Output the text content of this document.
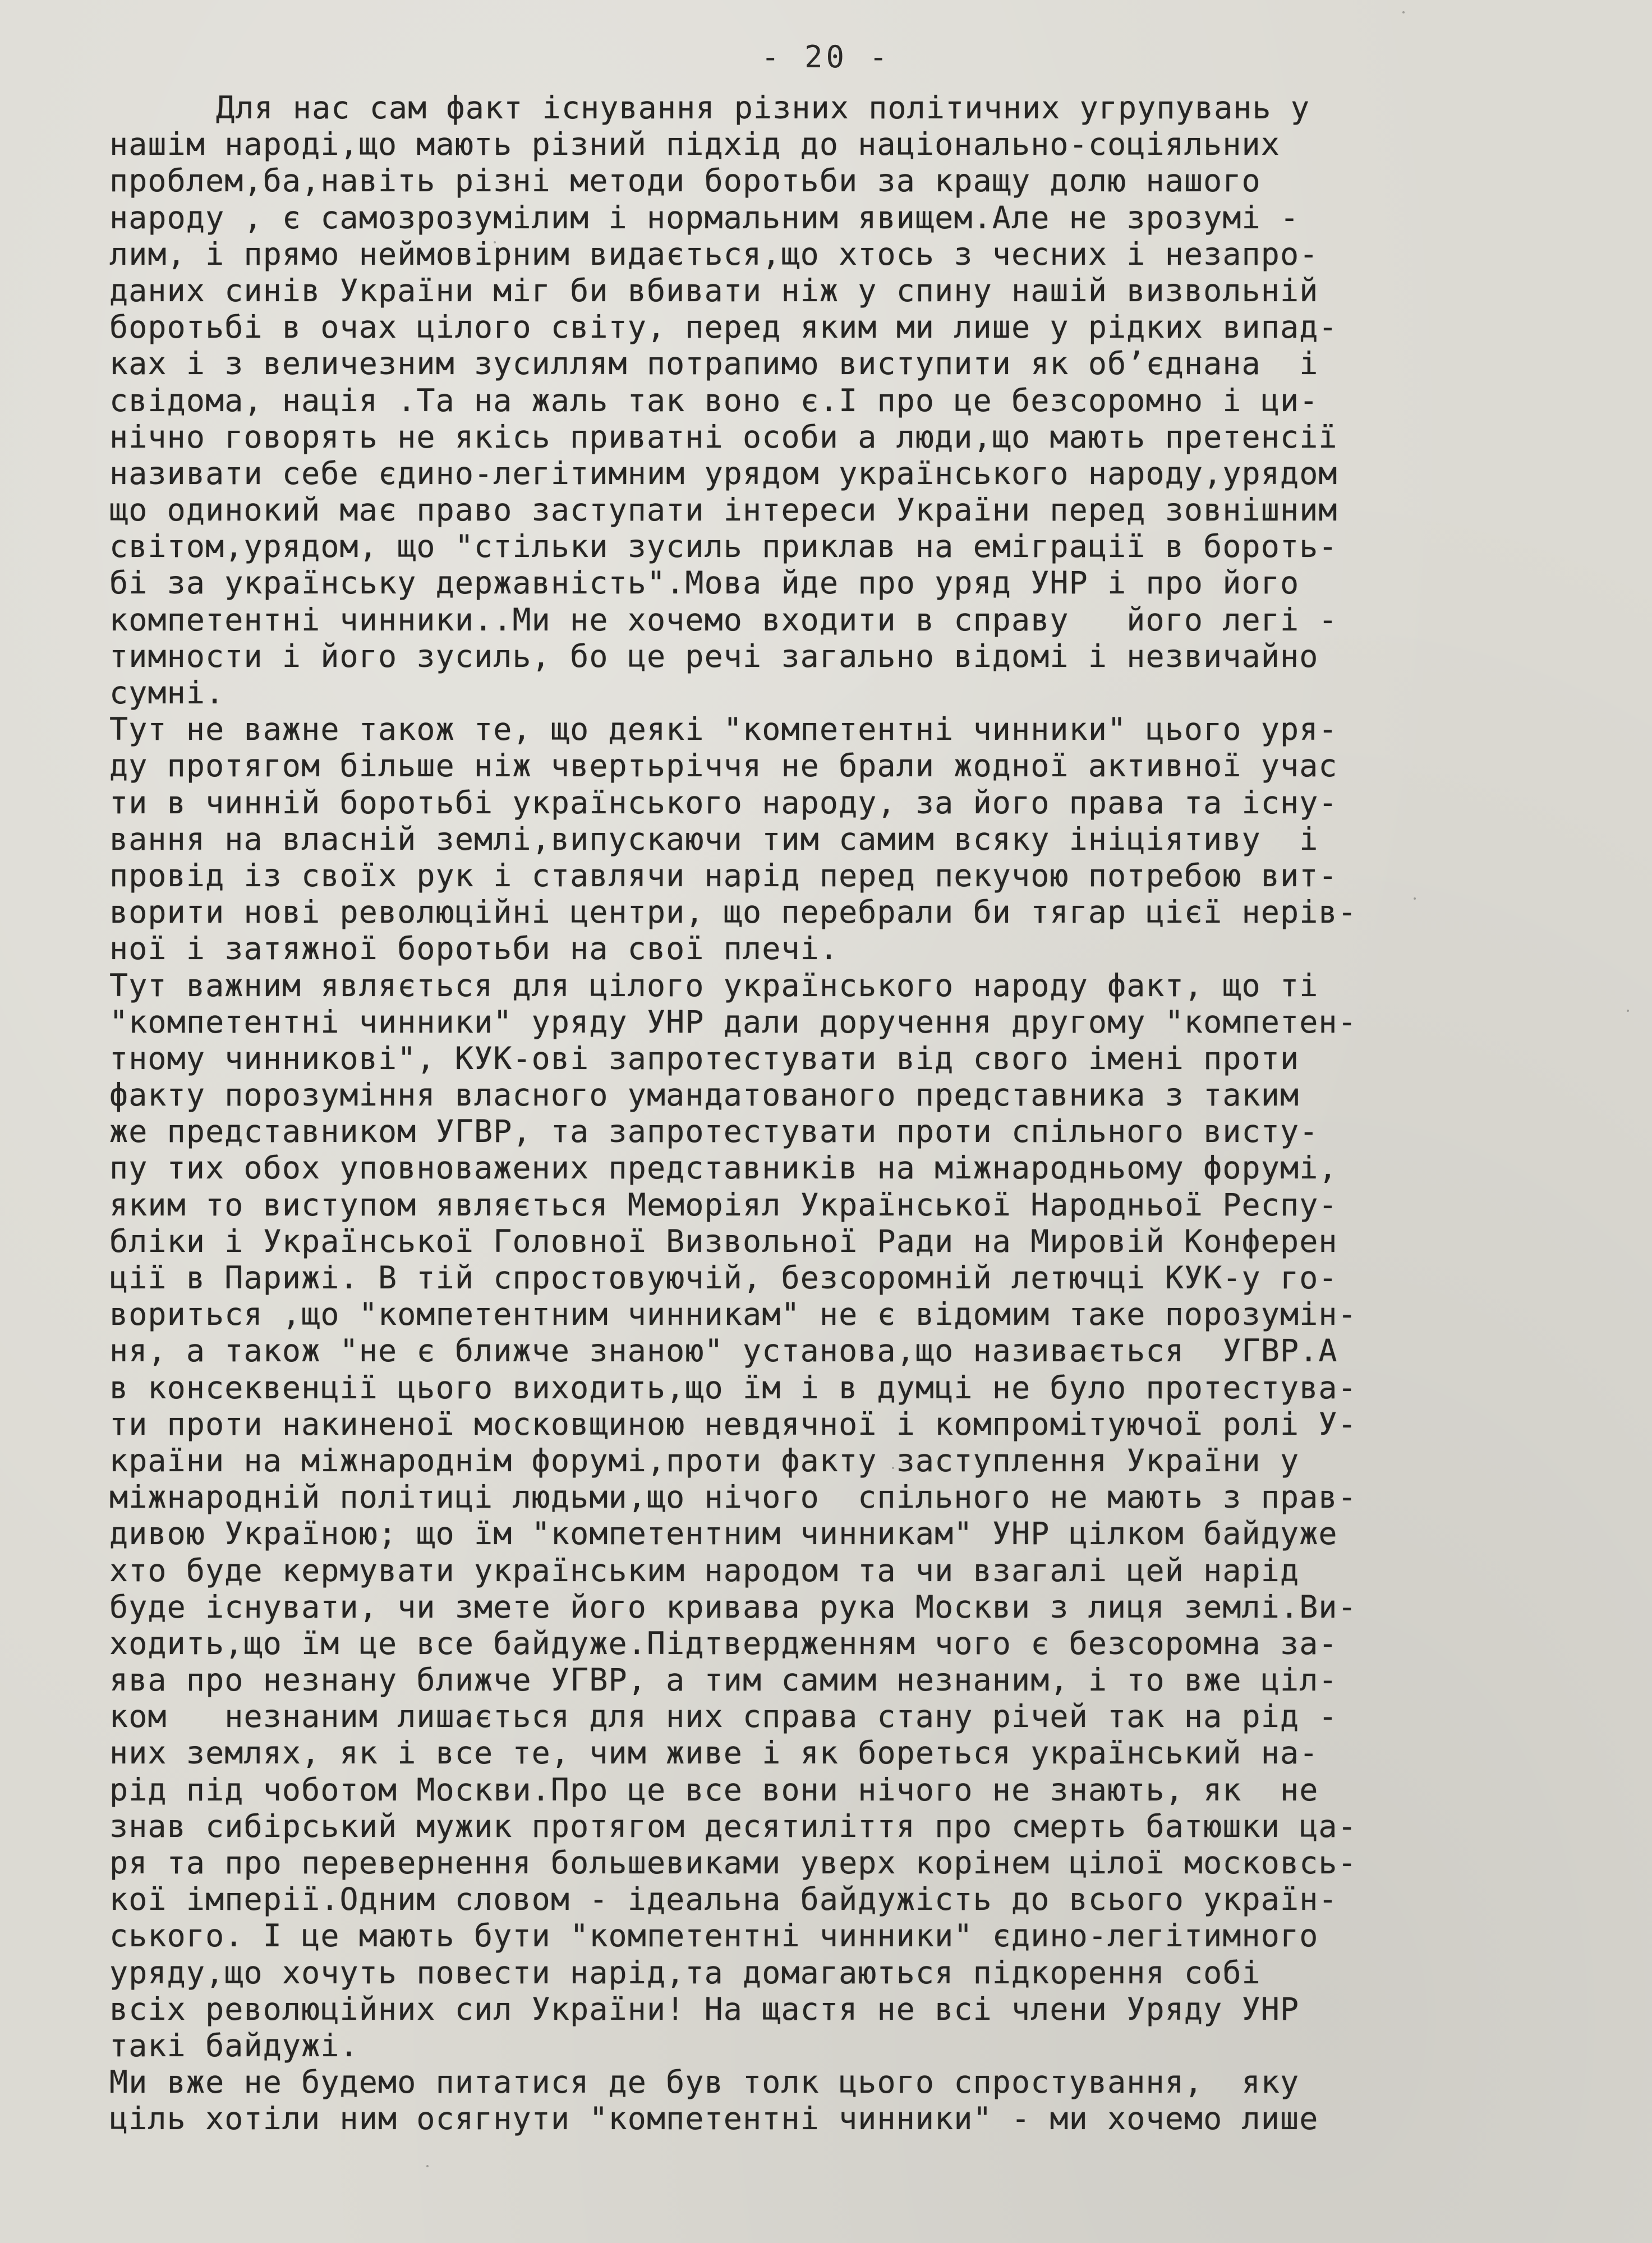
- 20 -
Для нас сам факт існування різних політичних угрупувань у
нашім народі,що мають різний підхід до національно-соціяльних
проблем,ба,навіть різні методи боротьби за кращу долю нашого
народу , є самозрозумілим і нормальним явищем.Але не зрозумі -
лим, і прямо неймовірним видається,що хтось з чесних і незапро-
даних синів України міг би вбивати ніж у спину нашій визвольній
боротьбі в очах цілого світу, перед яким ми лише у рідких випад-
ках і з величезним зусиллям потрапимо виступити як об’єднана  і
свідома, нація .Та на жаль так воно є.І про це безсоромно і ци-
нічно говорять не якісь приватні особи а люди,що мають претенсії
називати себе єдино-легітимним урядом українського народу,урядом
що одинокий має право заступати інтереси України перед зовнішним
світом,урядом, що "стільки зусиль приклав на еміграції в борoть-
бі за українську державність".Мова йде про уряд УНР і про його
компетентні чинники..Ми не хочемо входити в справу   його легі -
тимности і його зусиль, бо це речі загально відомі і незвичайно
сумні.
Тут не важне також те, що деякі "компетентні чинники" цього уря-
ду протягом більше ніж чвертьріччя не брали жодної активної учас
ти в чинній боротьбі українського народу, за його права та існу-
вання на власній землі,випускаючи тим самим всяку ініціятиву  і
провід із своїх рук і ставлячи нарід перед пекучою потребою вит-
ворити нові революційні центри, що перебрали би тягар цієї нерів-
ної і затяжної боротьби на свої плечі.
Тут важним являється для цілого українського народу факт, що ті
"компетентні чинники" уряду УНР дали доручення другому "компетен-
тному чинникові", КУК-ові запротестувати від свого імені проти
факту порозуміння власного умандатованого представника з таким
же представником УГВР, та запротестувати проти спільного висту-
пу тих обох уповноважених представників на міжнародньому форумі,
яким то виступом являється Меморіял Української Народньої Респу-
бліки і Української Головної Визвольної Ради на Мировій Конферен
ції в Парижі. В тій спростовуючій, безсоромній летючці КУК-у го-
вориться ,що "компетентним чинникам" не є відомим таке порозумін-
ня, а також "не є ближче знаною" установа,що називається  УГВР.А
в консеквенції цього виходить,що їм і в думці не було протестува-
ти проти накиненої московщиною невдячної і компромітуючої ролі У-
країни на міжнароднім форумі,проти факту заступлення України у
міжнародній політиці людьми,що нічого  спільного не мають з прав-
дивою Україною; що їм "компетентним чинникам" УНР цілком байдуже
хто буде кермувати українським народом та чи взагалі цей нарід
буде існувати, чи змете його кривава рука Москви з лиця землі.Ви-
ходить,що їм це все байдуже.Підтвердженням чого є безсоромна за-
ява про незнану ближче УГВР, а тим самим незнаним, і то вже ціл-
ком   незнаним лишається для них справа стану річей так на рід -
них землях, як і все те, чим живе і як бореться український на-
рід під чоботом Москви.Про це все вони нічого не знають, як  не
знав сибірський мужик протягом десятиліття про смерть батюшки ца-
ря та про перевернення большевиками уверх корінем цілої московсь-
кої імперії.Одним словом - ідеальна байдужість до всього україн-
ського. І це мають бути "компетентні чинники" єдино-легітимного
уряду,що хочуть повести нарід,та домагаються підкорення собі
всіх революційних сил України! На щастя не всі члени Уряду УНР
такі байдужі.
Ми вже не будемо питатися де був толк цього спростування,  яку
ціль хотіли ним осягнути "компетентні чинники" - ми хочемо лише
